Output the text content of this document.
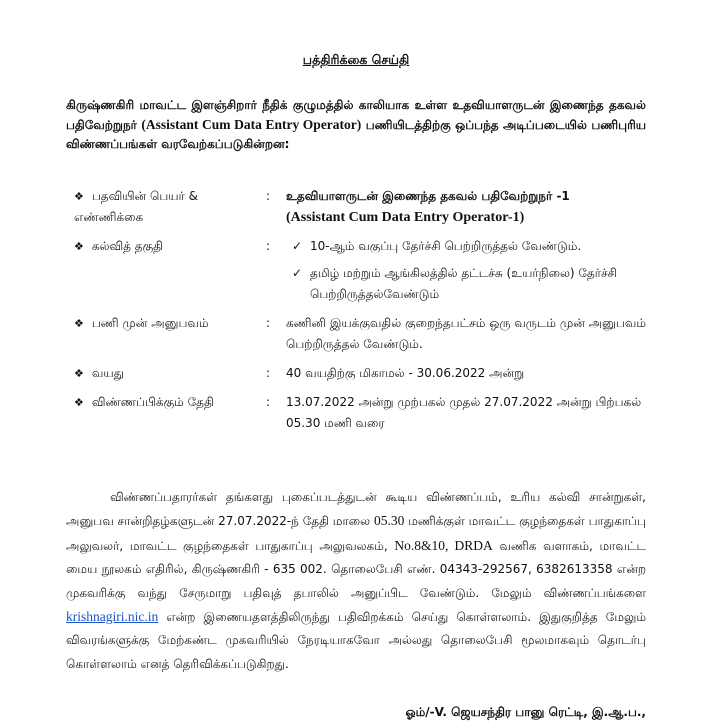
பத்திரிக்கை செய்தி
கிருஷ்ணகிரி மாவட்ட இளஞ்சிறார் நீதிக் குழுமத்தில் காலியாக உள்ள உதவியாளருடன் இணைந்த தகவல் பதிவேற்றுநர் (Assistant Cum Data Entry Operator) பணியிடத்திற்கு ஒப்பந்த அடிப்படையில் பணிபுரிய விண்ணப்பங்கள் வரவேற்கப்படுகின்றன:
❖ பதவியின் பெயர் & எண்ணிக்கை	:	உதவியாளருடன் இணைந்த தகவல் பதிவேற்றுநர் -1
(Assistant Cum Data Entry Operator-1)

❖ கல்வித் தகுதி	:	✓ 10-ஆம் வகுப்பு தேர்ச்சி பெற்றிருத்தல் வேண்டும்.
✓ தமிழ் மற்றும் ஆங்கிலத்தில் தட்டச்சு (உயர்நிலை) தேர்ச்சி பெற்றிருத்தல்வேண்டும்

❖ பணி முன் அனுபவம்	:	கணினி இயக்குவதில் குறைந்தபட்சம் ஒரு வருடம் முன் அனுபவம் பெற்றிருத்தல் வேண்டும்.
❖ வயது	:	40 வயதிற்கு மிகாமல் - 30.06.2022 அன்று
❖ விண்ணப்பிக்கும் தேதி	:	13.07.2022 அன்று முற்பகல் முதல் 27.07.2022 அன்று பிற்பகல் 05.30 மணி வரை
விண்ணப்பதாரர்கள் தங்களது புகைப்படத்துடன் கூடிய விண்ணப்பம், உரிய கல்வி சான்றுகள், அனுபவ சான்றிதழ்களுடன் 27.07.2022-ந் தேதி மாலை 05.30 மணிக்குள் மாவட்ட குழந்தைகள் பாதுகாப்பு அலுவலர், மாவட்ட குழந்தைகள் பாதுகாப்பு அலுவலகம், No.8&10, DRDA வணிக வளாகம், மாவட்ட மைய நூலகம் எதிரில், கிருஷ்ணகிரி - 635 002. தொலைபேசி எண். 04343-292567, 6382613358 என்ற முகவரிக்கு வந்து சேருமாறு பதிவுத் தபாலில் அனுப்பிட வேண்டும். மேலும் விண்ணப்பங்களை krishnagiri.nic.in என்ற இணையதளத்திலிருந்து பதிவிறக்கம் செய்து கொள்ளலாம். இதுகுறித்த மேலும் விவரங்களுக்கு மேற்கண்ட முகவரியில் நேரடியாகவோ அல்லது தொலைபேசி மூலமாகவும் தொடர்பு கொள்ளலாம் எனத் தெரிவிக்கப்படுகிறது.
ஓம்/-V. ஜெயசந்திர பானு ரெட்டி, இ.ஆ.ப.,
